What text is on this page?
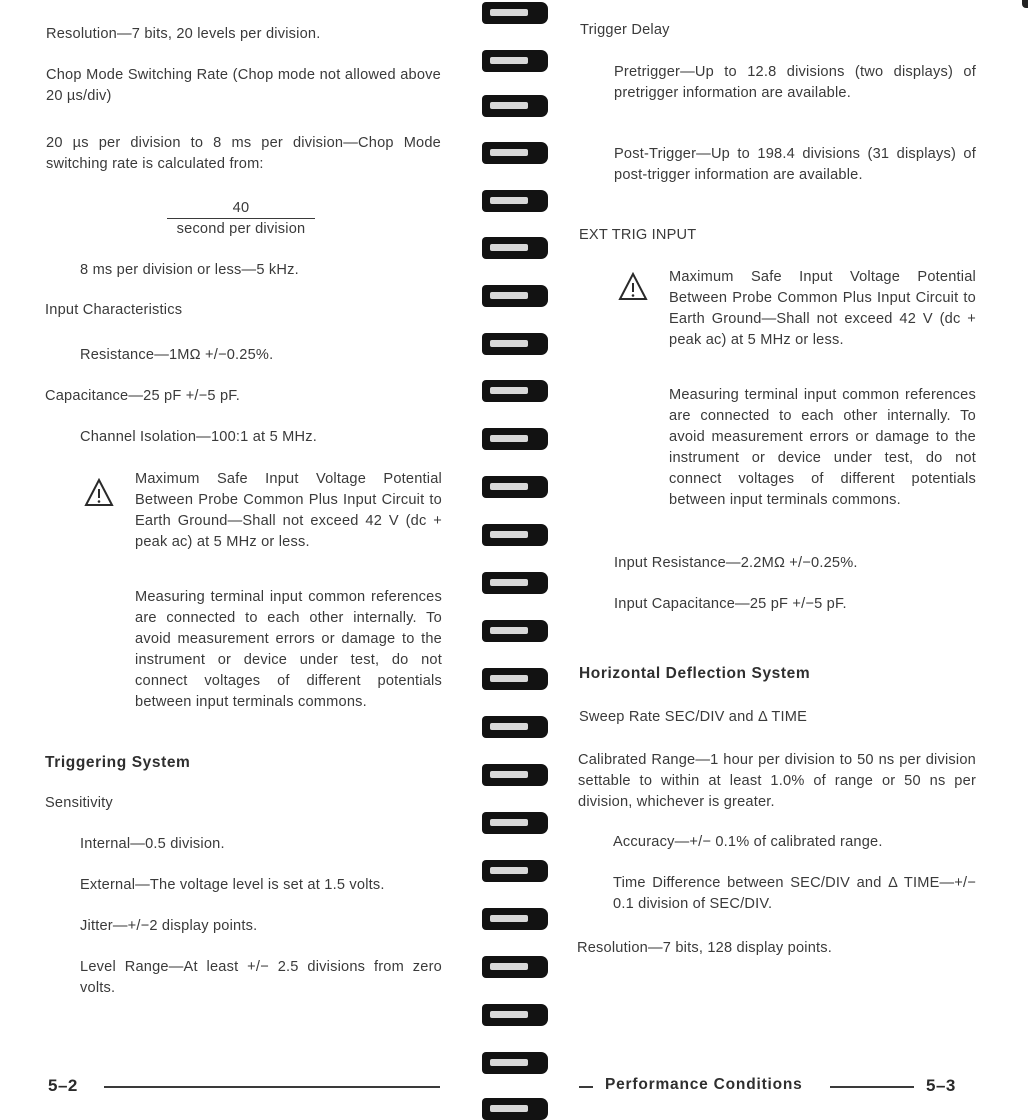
Resolution—7 bits, 20 levels per division.

Chop Mode Switching Rate (Chop mode not allowed above 20 µs/div)

20 µs per division to 8 ms per division—Chop Mode switching rate is calculated from:

40
second per division

8 ms per division or less—5 kHz.

Input Characteristics

Resistance—1MΩ +/−0.25%.

Capacitance—25 pF +/−5 pF.

Channel Isolation—100:1 at 5 MHz.

Maximum Safe Input Voltage Potential Between Probe Common Plus Input Circuit to Earth Ground—Shall not exceed 42 V (dc + peak ac) at 5 MHz or less.

Measuring terminal input common references are connected to each other internally. To avoid measurement errors or damage to the instrument or device under test, do not connect voltages of different potentials between input terminals commons.

Triggering System

Sensitivity

Internal—0.5 division.

External—The voltage level is set at 1.5 volts.

Jitter—+/−2 display points.

Level Range—At least +/− 2.5 divisions from zero volts.

5–2

Trigger Delay

Pretrigger—Up to 12.8 divisions (two displays) of pretrigger information are available.

Post-Trigger—Up to 198.4 divisions (31 displays) of post-trigger information are available.

EXT TRIG INPUT

Maximum Safe Input Voltage Potential Between Probe Common Plus Input Circuit to Earth Ground—Shall not exceed 42 V (dc + peak ac) at 5 MHz or less.

Measuring terminal input common references are connected to each other internally. To avoid measurement errors or damage to the instrument or device under test, do not connect voltages of different potentials between input terminals commons.

Input Resistance—2.2MΩ +/−0.25%.

Input Capacitance—25 pF +/−5 pF.

Horizontal Deflection System

Sweep Rate SEC/DIV and Δ TIME

Calibrated Range—1 hour per division to 50 ns per division settable to within at least 1.0% of range or 50 ns per division, whichever is greater.

Accuracy—+/− 0.1% of calibrated range.

Time Difference between SEC/DIV and Δ TIME—+/− 0.1 division of SEC/DIV.

Resolution—7 bits, 128 display points.

Performance Conditions	5–3
